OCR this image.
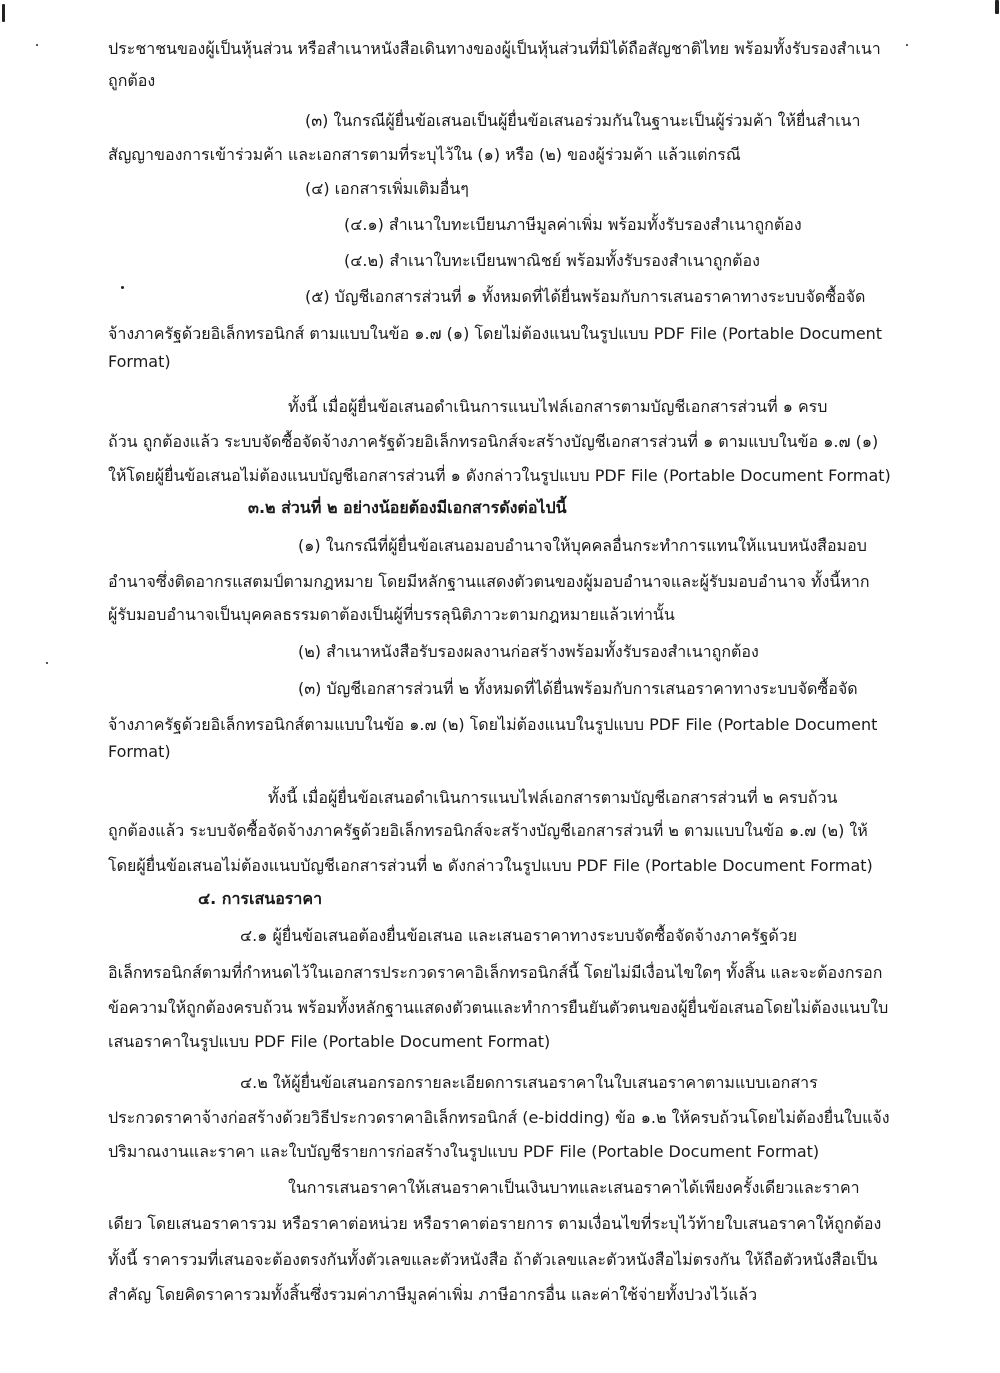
ประชาชนของผู้เป็นหุ้นส่วน หรือสำเนาหนังสือเดินทางของผู้เป็นหุ้นส่วนที่มิได้ถือสัญชาติไทย พร้อมทั้งรับรองสำเนา
ถูกต้อง
(๓) ในกรณีผู้ยื่นข้อเสนอเป็นผู้ยื่นข้อเสนอร่วมกันในฐานะเป็นผู้ร่วมค้า ให้ยื่นสำเนา
สัญญาของการเข้าร่วมค้า และเอกสารตามที่ระบุไว้ใน (๑) หรือ (๒) ของผู้ร่วมค้า แล้วแต่กรณี
(๔) เอกสารเพิ่มเติมอื่นๆ
(๔.๑) สำเนาใบทะเบียนภาษีมูลค่าเพิ่ม พร้อมทั้งรับรองสำเนาถูกต้อง
(๔.๒) สำเนาใบทะเบียนพาณิชย์ พร้อมทั้งรับรองสำเนาถูกต้อง
(๕) บัญชีเอกสารส่วนที่ ๑ ทั้งหมดที่ได้ยื่นพร้อมกับการเสนอราคาทางระบบจัดซื้อจัด
จ้างภาครัฐด้วยอิเล็กทรอนิกส์ ตามแบบในข้อ ๑.๗ (๑) โดยไม่ต้องแนบในรูปแบบ PDF File (Portable Document
Format)
ทั้งนี้ เมื่อผู้ยื่นข้อเสนอดำเนินการแนบไฟล์เอกสารตามบัญชีเอกสารส่วนที่ ๑ ครบ
ถ้วน ถูกต้องแล้ว ระบบจัดซื้อจัดจ้างภาครัฐด้วยอิเล็กทรอนิกส์จะสร้างบัญชีเอกสารส่วนที่ ๑ ตามแบบในข้อ ๑.๗ (๑)
ให้โดยผู้ยื่นข้อเสนอไม่ต้องแนบบัญชีเอกสารส่วนที่ ๑ ดังกล่าวในรูปแบบ PDF File (Portable Document Format)
๓.๒ ส่วนที่ ๒ อย่างน้อยต้องมีเอกสารดังต่อไปนี้
(๑) ในกรณีที่ผู้ยื่นข้อเสนอมอบอำนาจให้บุคคลอื่นกระทำการแทนให้แนบหนังสือมอบ
อำนาจซึ่งติดอากรแสตมป์ตามกฎหมาย โดยมีหลักฐานแสดงตัวตนของผู้มอบอำนาจและผู้รับมอบอำนาจ ทั้งนี้หาก
ผู้รับมอบอำนาจเป็นบุคคลธรรมดาต้องเป็นผู้ที่บรรลุนิติภาวะตามกฎหมายแล้วเท่านั้น
(๒) สำเนาหนังสือรับรองผลงานก่อสร้างพร้อมทั้งรับรองสำเนาถูกต้อง
(๓) บัญชีเอกสารส่วนที่ ๒ ทั้งหมดที่ได้ยื่นพร้อมกับการเสนอราคาทางระบบจัดซื้อจัด
จ้างภาครัฐด้วยอิเล็กทรอนิกส์ตามแบบในข้อ ๑.๗ (๒) โดยไม่ต้องแนบในรูปแบบ PDF File (Portable Document
Format)
ทั้งนี้ เมื่อผู้ยื่นข้อเสนอดำเนินการแนบไฟล์เอกสารตามบัญชีเอกสารส่วนที่ ๒ ครบถ้วน
ถูกต้องแล้ว ระบบจัดซื้อจัดจ้างภาครัฐด้วยอิเล็กทรอนิกส์จะสร้างบัญชีเอกสารส่วนที่ ๒ ตามแบบในข้อ ๑.๗ (๒) ให้
โดยผู้ยื่นข้อเสนอไม่ต้องแนบบัญชีเอกสารส่วนที่ ๒ ดังกล่าวในรูปแบบ PDF File (Portable Document Format)
๔. การเสนอราคา
๔.๑ ผู้ยื่นข้อเสนอต้องยื่นข้อเสนอ และเสนอราคาทางระบบจัดซื้อจัดจ้างภาครัฐด้วย
อิเล็กทรอนิกส์ตามที่กำหนดไว้ในเอกสารประกวดราคาอิเล็กทรอนิกส์นี้ โดยไม่มีเงื่อนไขใดๆ ทั้งสิ้น และจะต้องกรอก
ข้อความให้ถูกต้องครบถ้วน พร้อมทั้งหลักฐานแสดงตัวตนและทำการยืนยันตัวตนของผู้ยื่นข้อเสนอโดยไม่ต้องแนบใบ
เสนอราคาในรูปแบบ PDF File (Portable Document Format)
๔.๒ ให้ผู้ยื่นข้อเสนอกรอกรายละเอียดการเสนอราคาในใบเสนอราคาตามแบบเอกสาร
ประกวดราคาจ้างก่อสร้างด้วยวิธีประกวดราคาอิเล็กทรอนิกส์ (e-bidding) ข้อ ๑.๒ ให้ครบถ้วนโดยไม่ต้องยื่นใบแจ้ง
ปริมาณงานและราคา และใบบัญชีรายการก่อสร้างในรูปแบบ PDF File (Portable Document Format)
ในการเสนอราคาให้เสนอราคาเป็นเงินบาทและเสนอราคาได้เพียงครั้งเดียวและราคา
เดียว โดยเสนอราคารวม หรือราคาต่อหน่วย หรือราคาต่อรายการ ตามเงื่อนไขที่ระบุไว้ท้ายใบเสนอราคาให้ถูกต้อง
ทั้งนี้ ราคารวมที่เสนอจะต้องตรงกันทั้งตัวเลขและตัวหนังสือ ถ้าตัวเลขและตัวหนังสือไม่ตรงกัน ให้ถือตัวหนังสือเป็น
สำคัญ โดยคิดราคารวมทั้งสิ้นซึ่งรวมค่าภาษีมูลค่าเพิ่ม ภาษีอากรอื่น และค่าใช้จ่ายทั้งปวงไว้แล้ว
